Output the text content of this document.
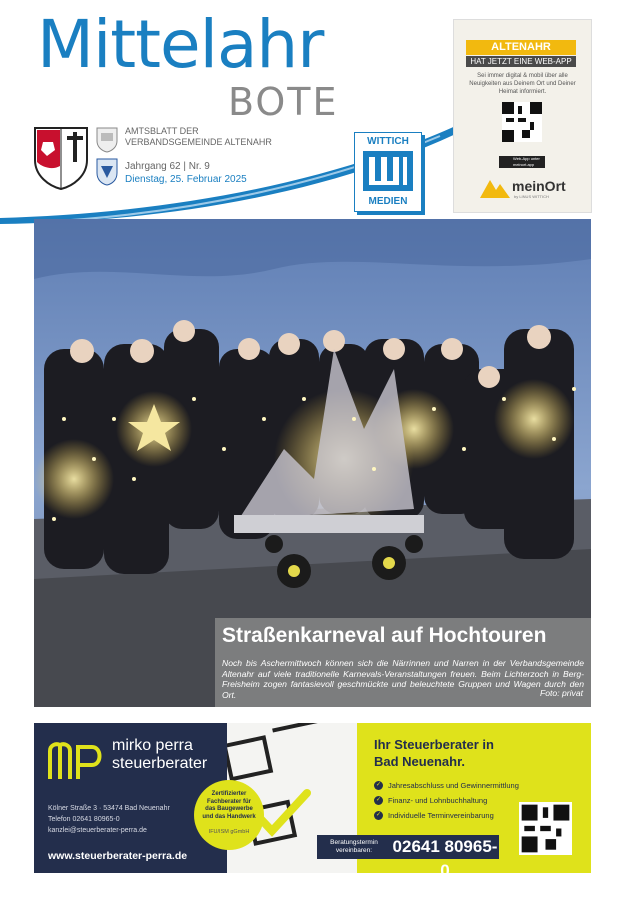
Mittelahr
BOTE
AMTSBLATT DER
VERBANDSGEMEINDE ALTENAHR
Jahrgang 62 | Nr. 9
Dienstag, 25. Februar 2025
WITTICH
MEDIEN
ALTENAHR
HAT JETZT EINE WEB-APP
Sei immer digital & mobil über alle Neuigkeiten aus Deinem Ort und Deiner Heimat informiert.
Web-App unter meinort.app
meinOrt
by LINUS WITTICH
Straßenkarneval auf Hochtouren
Noch bis Aschermittwoch können sich die Närrinnen und Narren in der Verbandsgemeinde Altenahr auf viele traditionelle Karnevals-Veranstaltungen freuen. Beim Lichterzoch in Berg-Freisheim zogen fantasievoll geschmückte und beleuchtete Gruppen und Wagen durch den Ort.	Foto: privat
mirko perra
steuerberater
Kölner Straße 3 · 53474 Bad Neuenahr
Telefon 02641 80965-0
kanzlei@steuerberater-perra.de
www.steuerberater-perra.de
Zertifizierter
Fachberater für
das Baugewerbe
und das Handwerk
IFU/ISM gGmbH
Ihr Steuerberater in
Bad Neuenahr.
✓ Jahresabschluss und Gewinnermittlung
✓ Finanz- und Lohnbuchhaltung
✓ Individuelle Terminvereinbarung
Beratungstermin vereinbaren:	02641 80965-0
